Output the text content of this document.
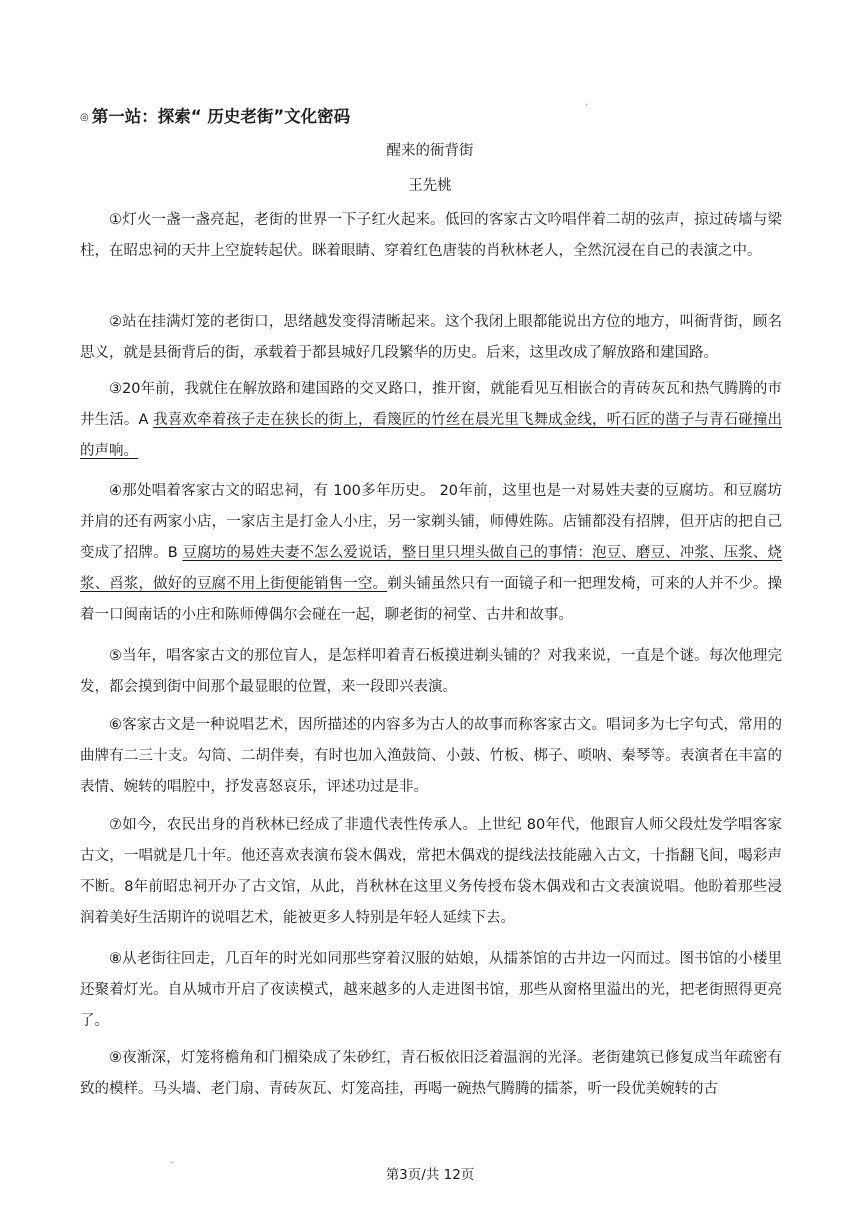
◎ 第一站：探索“ 历史老街”文化密码
·
醒来的衙背街
王先桃

①灯火一盏一盏亮起，老街的世界一下子红火起来。低回的客家古文吟唱伴着二胡的弦声，掠过砖墙与梁柱，在昭忠祠的天井上空旋转起伏。眯着眼睛、穿着红色唐装的肖秋林老人，全然沉浸在自己的表演之中。

②站在挂满灯笼的老街口，思绪越发变得清晰起来。这个我闭上眼都能说出方位的地方，叫衙背街，顾名思义，就是县衙背后的街，承载着于都县城好几段繁华的历史。后来，这里改成了解放路和建国路。

③20年前，我就住在解放路和建国路的交叉路口，推开窗，就能看见互相嵌合的青砖灰瓦和热气腾腾的市井生活。A 我喜欢牵着孩子走在狭长的街上，看篾匠的竹丝在晨光里飞舞成金线，听石匠的凿子与青石碰撞出的声响。

④那处唱着客家古文的昭忠祠，有 100多年历史。 20年前，这里也是一对易姓夫妻的豆腐坊。和豆腐坊并肩的还有两家小店，一家店主是打金人小庄，另一家剃头铺，师傅姓陈。店铺都没有招牌，但开店的把自己变成了招牌。B 豆腐坊的易姓夫妻不怎么爱说话，整日里只埋头做自己的事情：泡豆、磨豆、冲浆、压浆、烧浆、舀浆，做好的豆腐不用上街便能销售一空。剃头铺虽然只有一面镜子和一把理发椅，可来的人并不少。操着一口闽南话的小庄和陈师傅偶尔会碰在一起，聊老街的祠堂、古井和故事。

⑤当年，唱客家古文的那位盲人，是怎样叩着青石板摸进剃头铺的？对我来说，一直是个谜。每次他理完发，都会摸到街中间那个最显眼的位置，来一段即兴表演。

⑥客家古文是一种说唱艺术，因所描述的内容多为古人的故事而称客家古文。唱词多为七字句式，常用的曲牌有二三十支。勾筒、二胡伴奏，有时也加入渔鼓筒、小鼓、竹板、梆子、唢呐、秦琴等。表演者在丰富的表情、婉转的唱腔中，抒发喜怒哀乐，评述功过是非。

⑦如今，农民出身的肖秋林已经成了非遗代表性传承人。上世纪 80年代，他跟盲人师父段灶发学唱客家古文，一唱就是几十年。他还喜欢表演布袋木偶戏，常把木偶戏的提线法技能融入古文，十指翻飞间，喝彩声不断。8年前昭忠祠开办了古文馆，从此，肖秋林在这里义务传授布袋木偶戏和古文表演说唱。他盼着那些浸润着美好生活期许的说唱艺术，能被更多人特别是年轻人延续下去。

⑧从老街往回走，几百年的时光如同那些穿着汉服的姑娘，从擂茶馆的古井边一闪而过。图书馆的小楼里还聚着灯光。自从城市开启了夜读模式，越来越多的人走进图书馆，那些从窗格里溢出的光，把老街照得更亮了。

⑨夜渐深，灯笼将檐角和门楣染成了朱砂红，青石板依旧泛着温润的光泽。老街建筑已修复成当年疏密有致的模样。马头墙、老门扇、青砖灰瓦、灯笼高挂，再喝一碗热气腾腾的擂茶，听一段优美婉转的古

·
第3页/共 12页
